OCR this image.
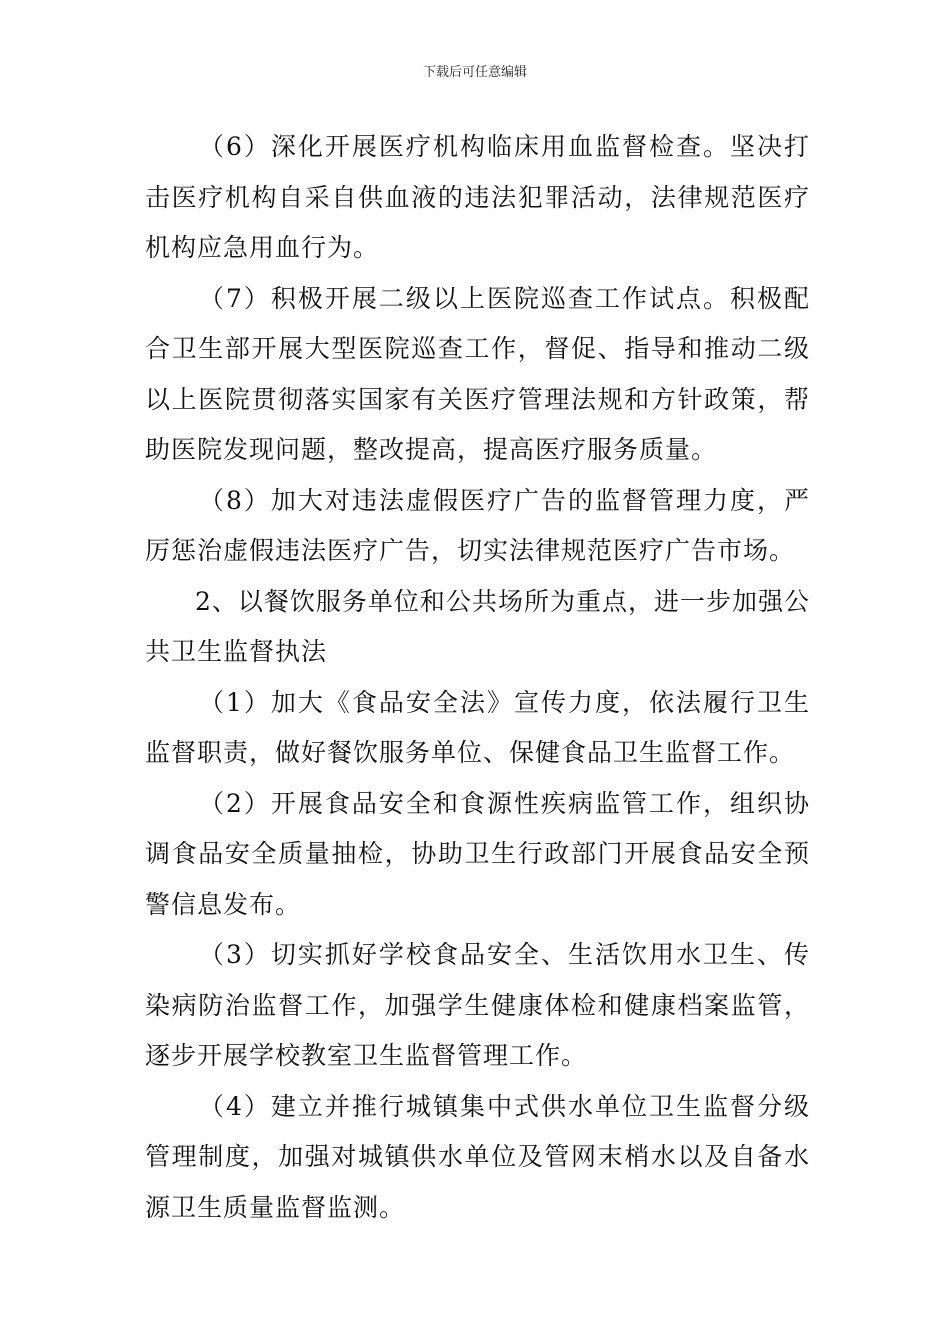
下载后可任意编辑

（6）深化开展医疗机构临床用血监督检查。坚决打击医疗机构自采自供血液的违法犯罪活动，法律规范医疗机构应急用血行为。

（7）积极开展二级以上医院巡查工作试点。积极配合卫生部开展大型医院巡查工作，督促、指导和推动二级以上医院贯彻落实国家有关医疗管理法规和方针政策，帮助医院发现问题，整改提高，提高医疗服务质量。

（8）加大对违法虚假医疗广告的监督管理力度，严厉惩治虚假违法医疗广告，切实法律规范医疗广告市场。

2、以餐饮服务单位和公共场所为重点，进一步加强公共卫生监督执法

（1）加大《食品安全法》宣传力度，依法履行卫生监督职责，做好餐饮服务单位、保健食品卫生监督工作。

（2）开展食品安全和食源性疾病监管工作，组织协调食品安全质量抽检，协助卫生行政部门开展食品安全预警信息发布。

（3）切实抓好学校食品安全、生活饮用水卫生、传染病防治监督工作，加强学生健康体检和健康档案监管，逐步开展学校教室卫生监督管理工作。

（4）建立并推行城镇集中式供水单位卫生监督分级管理制度，加强对城镇供水单位及管网末梢水以及自备水源卫生质量监督监测。
